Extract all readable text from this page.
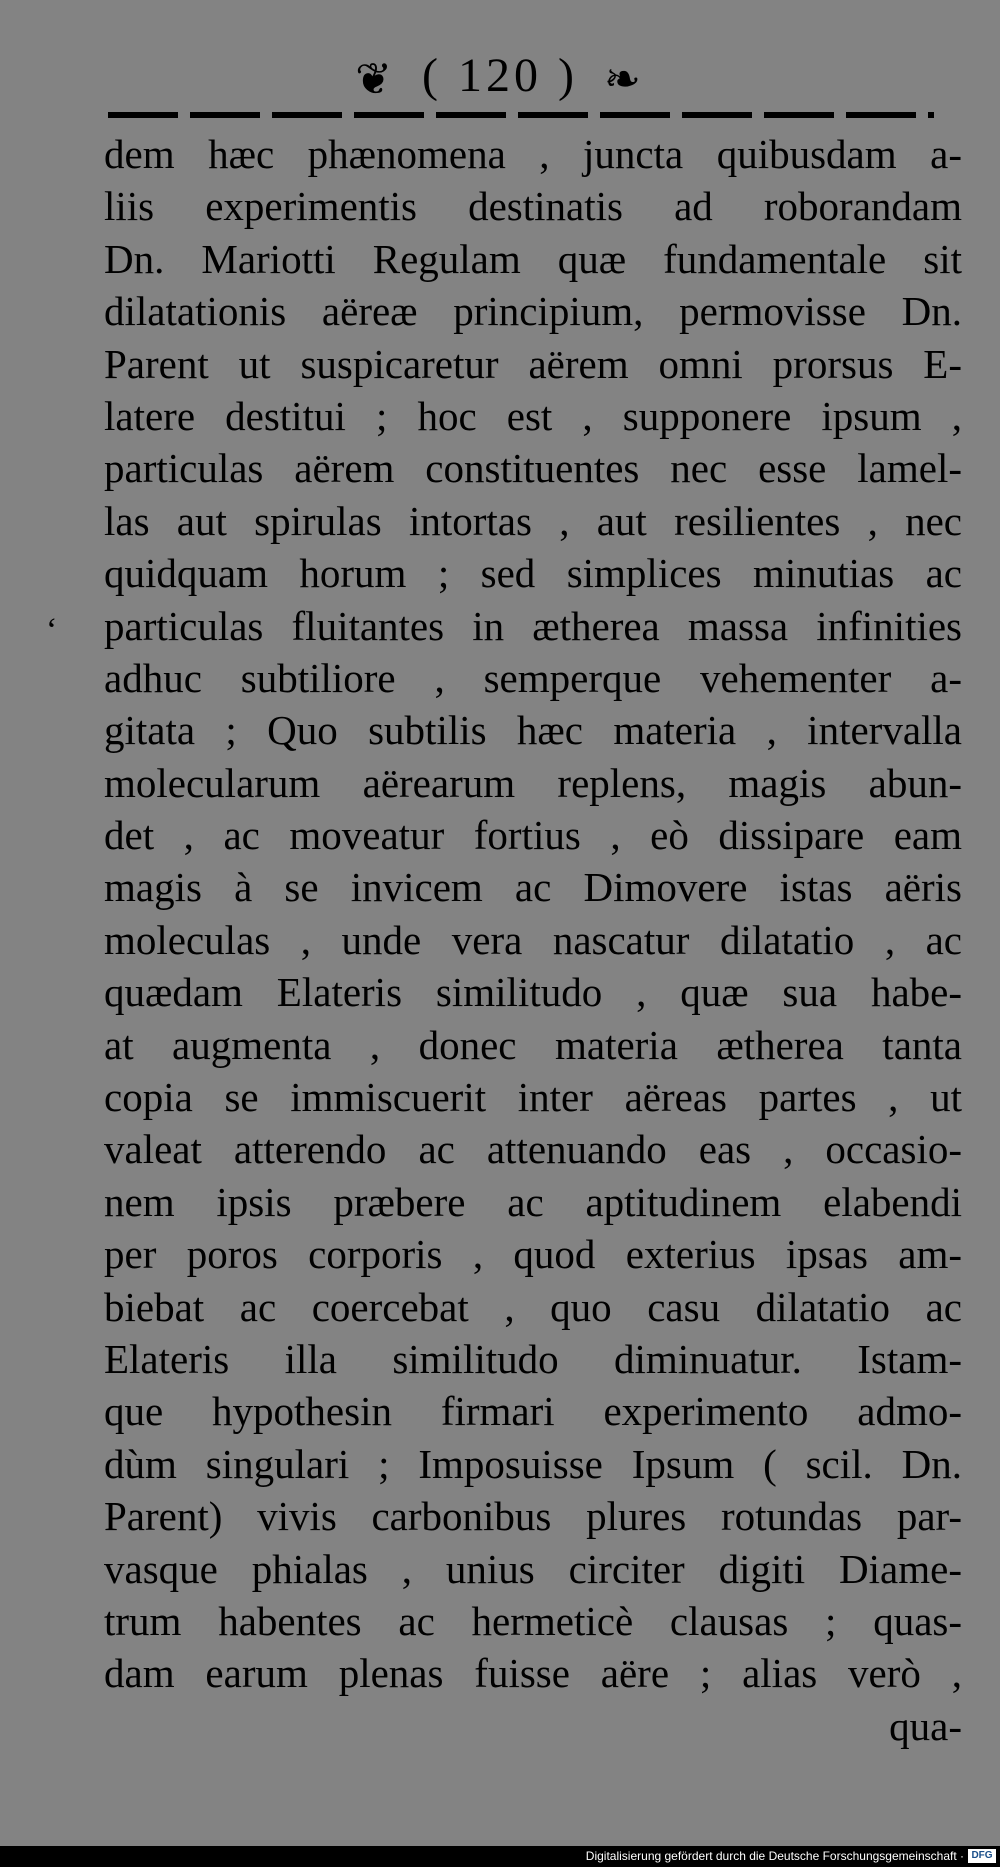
❦ ( 120 ) ❧
‘
dem hæc phænomena , juncta quibusdam a-
liis experimentis destinatis ad roborandam
Dn. Mariotti Regulam quæ fundamentale sit
dilatationis aëreæ principium, permovisse Dn.
Parent ut suspicaretur aërem omni prorsus E-
latere destitui ; hoc est , supponere ipsum ,
particulas aërem constituentes nec esse lamel-
las aut spirulas intortas , aut resilientes , nec
quidquam horum ; sed simplices minutias ac
particulas fluitantes in ætherea massa infinities
adhuc subtiliore , semperque vehementer a-
gitata ; Quo subtilis hæc materia , intervalla
molecularum aërearum replens, magis abun-
det , ac moveatur fortius , eò dissipare eam
magis à se invicem ac Dimovere istas aëris
moleculas , unde vera nascatur dilatatio , ac
quædam Elateris similitudo , quæ sua habe-
at augmenta , donec materia ætherea tanta
copia se immiscuerit inter aëreas partes , ut
valeat atterendo ac attenuando eas , occasio-
nem ipsis præbere ac aptitudinem elabendi
per poros corporis , quod exterius ipsas am-
biebat ac coercebat , quo casu dilatatio ac
Elateris illa similitudo diminuatur. Istam-
que hypothesin firmari experimento admo-
dùm singulari ; Imposuisse Ipsum ( scil. Dn.
Parent) vivis carbonibus plures rotundas par-
vasque phialas , unius circiter digiti Diame-
trum habentes ac hermeticè clausas ; quas-
dam earum plenas fuisse aëre ; alias verò ,
qua-
Digitalisierung gefördert durch die Deutsche Forschungsgemeinschaft · DFG
